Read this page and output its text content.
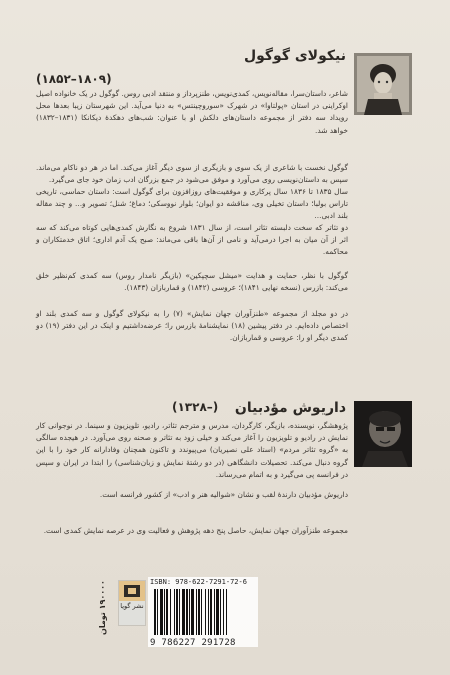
نیکولای گوگول
(۱۸۰۹–۱۸۵۲)

شاعر، داستان‌سرا، مقاله‌نویس، کمدی‌نویس، طنزپرداز و منتقد ادبی روس. گوگول در یک خانواده اصیل اوکراینی در استان «پولتاوا» در شهرک «سوروچینتس» به دنیا می‌آید. این شهرستان زیبا بعدها محل رویداد سه دفتر از مجموعه داستان‌های دلکش او با عنوان: شب‌های دهکدهٔ دیکانکا (۱۸۳۱–۱۸۳۲) خواهد شد.

گوگول نخست با شاعری از یک سوی و بازیگری از سوی دیگر آغاز می‌کند. اما در هر دو ناکام می‌ماند. سپس به داستان‌نویسی روی می‌آورد و موفق می‌شود در جمع بزرگان ادب زمان خود جای می‌گیرد.

سال ۱۸۳۵ تا ۱۸۳۶ سال پرکاری و موفقیت‌های روزافزون برای گوگول است: داستان حماسی، تاریخی تاراس بولبا؛ داستان تخیلی وی، مناقشه دو ایوان؛ بلوار نووسکی؛ دماغ؛ شنل؛ تصویر و... و چند مقاله بلند ادبی...

دو تئاتر که سخت دلبسته تئاتر است، از سال ۱۸۳۱ شروع به نگارش کمدی‌هایی کوتاه می‌کند که سه اثر از آن میان به اجرا درمی‌آید و نامی از آن‌ها باقی می‌ماند: صبح یک آدم اداری؛ اتاق خدمتکاران و محاکمه.

گوگول با نظر، حمایت و هدایت «میشل سچپکین» (بازیگر نامدار روس) سه کمدی کم‌نظیر خلق می‌کند: بازرس (نسخه نهایی ۱۸۴۱)؛ عروسی (۱۸۴۲) و قماربازان (۱۸۴۳).

در دو مجلد از مجموعه «طنزآوران جهان نمایش» (۷) را به نیکولای گوگول و سه کمدی بلند او اختصاص داده‌ایم. در دفتر پیشین (۱۸) نمایشنامهٔ بازرس را؛ عرضه‌داشتیم و اینک در این دفتر (۱۹) دو کمدی دیگر او را: عروسی و قماربازان.

داریوش مؤدبیان
(–۱۳۲۸)

پژوهشگر، نویسنده، بازیگر، کارگردان، مدرس و مترجم تئاتر، رادیو، تلویزیون و سینما. در نوجوانی کار نمایش در رادیو و تلویزیون را آغاز می‌کند و خیلی زود به تئاتر و صحنه روی می‌آورد. در هیجده سالگی به «گروه تئاتر مردم» (استاد علی نصیریان) می‌پیوندد و تاکنون همچنان وفادارانه کار خود را با این گروه دنبال می‌کند. تحصیلات دانشگاهی (در دو رشتهٔ نمایش و زبان‌شناسی) را ابتدا در ایران و سپس در فرانسه پی می‌گیرد و به اتمام می‌رساند.

داریوش مؤدبیان دارندهٔ لقب و نشان «شوالیه هنر و ادب» از کشور فرانسه است.

مجموعه طنزآوران جهان نمایش، حاصل پنج دهه پژوهش و فعالیت وی در عرصه نمایش کمدی است.

۱۹۰۰۰۰ تومان	نشر گویا
ISBN: 978-622-7291-72-6
9 786227 291728
